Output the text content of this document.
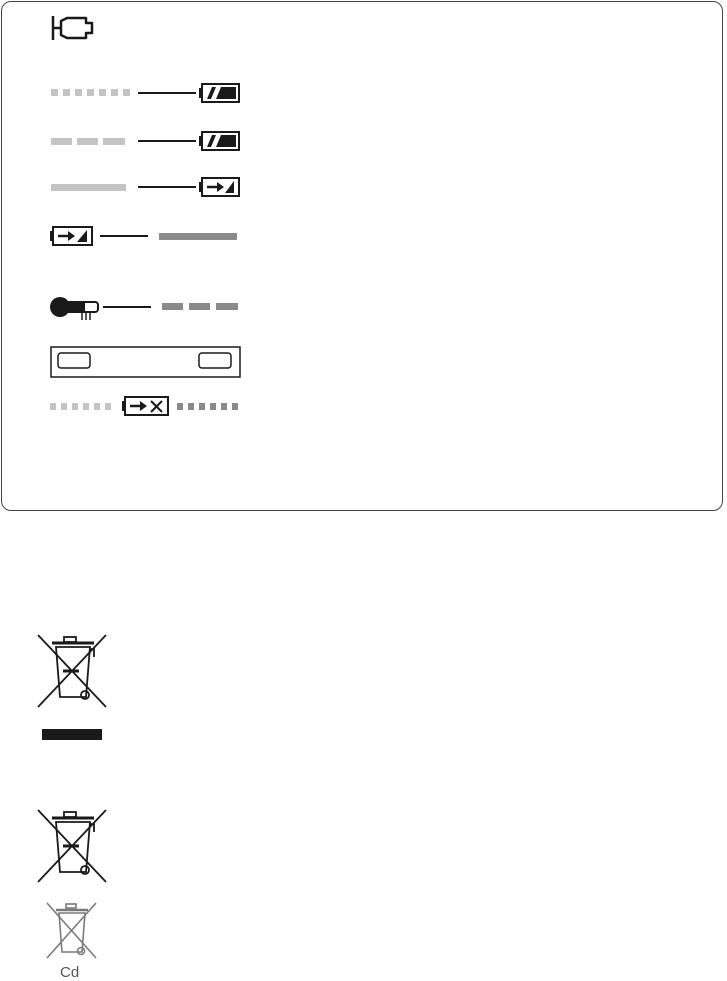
Cd
